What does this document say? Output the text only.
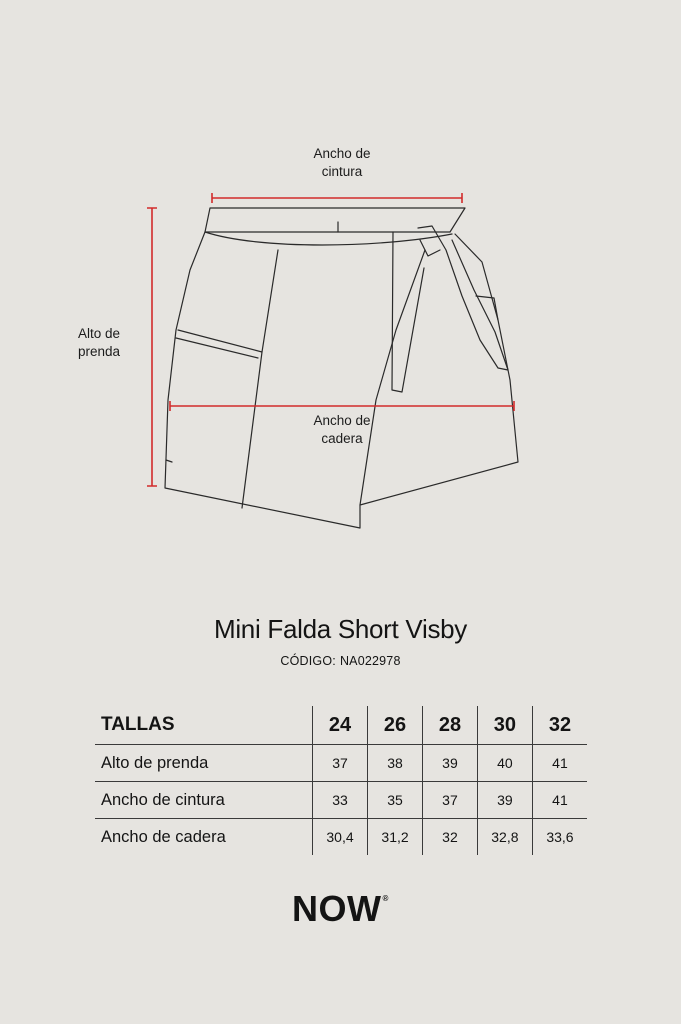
Ancho de
cintura
Alto de
prenda
Ancho de
cadera
Mini Falda Short Visby
CÓDIGO: NA022978
TALLAS	24	26	28	30	32
Alto de prenda	37	38	39	40	41
Ancho de cintura	33	35	37	39	41
Ancho de cadera	30,4	31,2	32	32,8	33,6
NOW®
